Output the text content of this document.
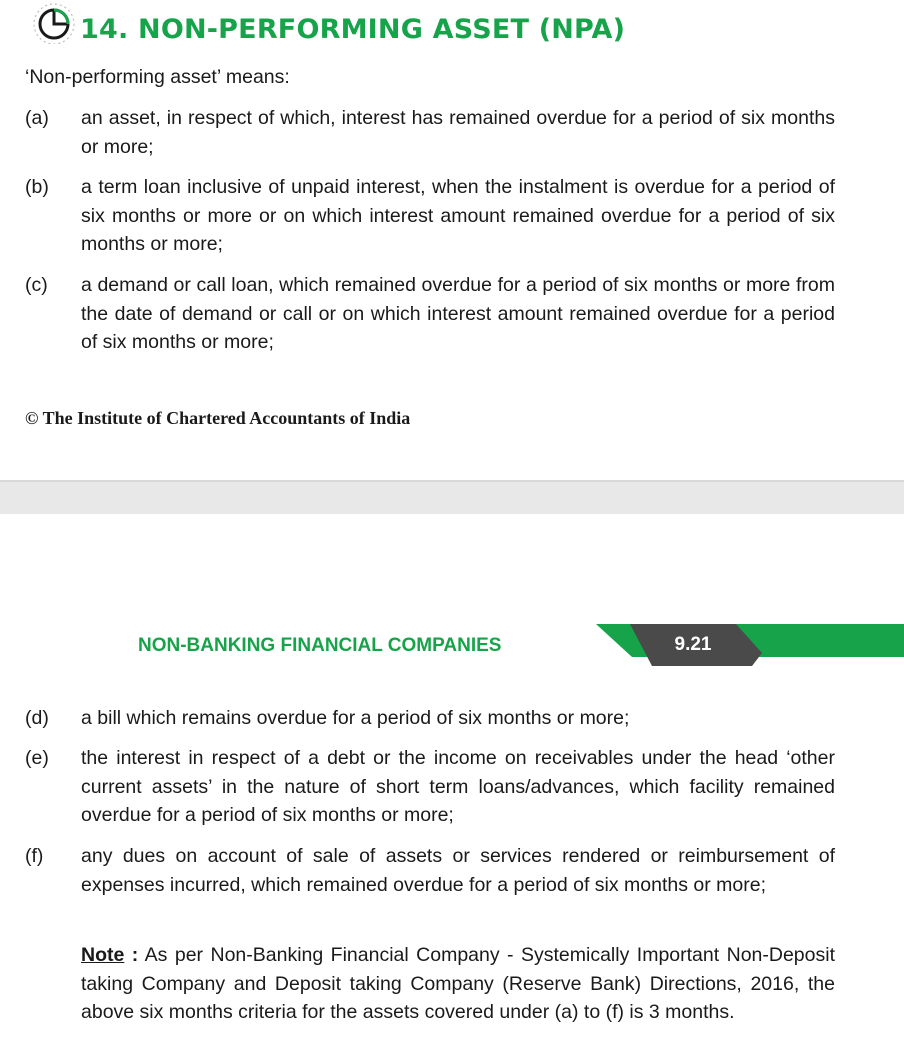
14. NON-PERFORMING ASSET (NPA)
‘Non-performing asset’ means:
(a) an asset, in respect of which, interest has remained overdue for a period of six months or more;
(b) a term loan inclusive of unpaid interest, when the instalment is overdue for a period of six months or more or on which interest amount remained overdue for a period of six months or more;
(c) a demand or call loan, which remained overdue for a period of six months or more from the date of demand or call or on which interest amount remained overdue for a period of six months or more;
© The Institute of Chartered Accountants of India
NON-BANKING FINANCIAL COMPANIES	9.21
(d) a bill which remains overdue for a period of six months or more;
(e) the interest in respect of a debt or the income on receivables under the head ‘other current assets’ in the nature of short term loans/advances, which facility remained overdue for a period of six months or more;
(f) any dues on account of sale of assets or services rendered or reimbursement of expenses incurred, which remained overdue for a period of six months or more;
Note : As per Non-Banking Financial Company - Systemically Important Non-Deposit taking Company and Deposit taking Company (Reserve Bank) Directions, 2016, the above six months criteria for the assets covered under (a) to (f) is 3 months.
